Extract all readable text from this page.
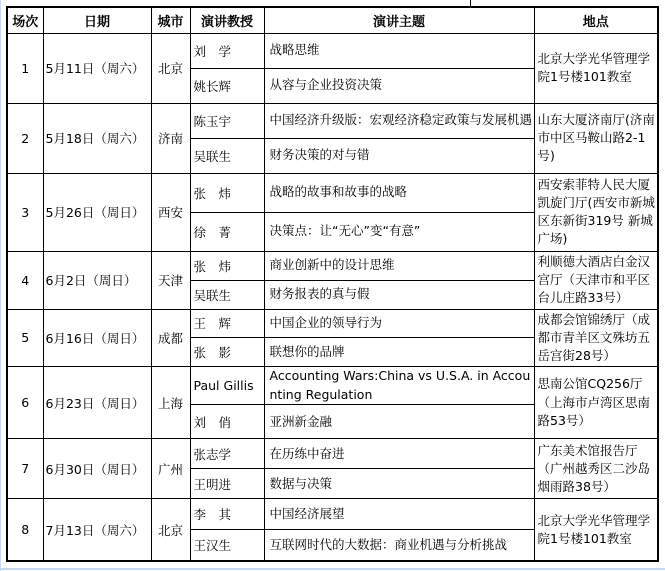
场次	日期	城市	演讲教授	演讲主题	地点
1	5月11日（周六）	北京	刘　学	战略思维	北京大学光华管理学院1号楼101教室
			姚长辉	从容与企业投资决策	
2	5月18日（周六）	济南	陈玉宇	中国经济升级版：宏观经济稳定政策与发展机遇	山东大厦济南厅(济南市中区马鞍山路2-1号)
			吴联生	财务决策的对与错	
3	5月26日（周日）	西安	张　炜	战略的故事和故事的战略	西安索菲特人民大厦凯旋门厅(西安市新城区东新街319号 新城广场)
			徐　菁	决策点：让“无心”变“有意”	
4	6月2日（周日）	天津	张　炜	商业创新中的设计思维	利顺德大酒店白金汉宫厅（天津市和平区台儿庄路33号）
			吴联生	财务报表的真与假	
5	6月16日（周日）	成都	王　辉	中国企业的领导行为	成都会馆锦绣厅（成都市青羊区文殊坊五岳宫街28号）
			张　影	联想你的品牌	
6	6月23日（周日）	上海	Paul Gillis	Accounting Wars:China vs U.S.A. in Accounting Regulation	思南公馆CQ256厅（上海市卢湾区思南路53号）
			刘　俏	亚洲新金融	
7	6月30日（周日）	广州	张志学	在历练中奋进	广东美术馆报告厅（广州越秀区二沙岛烟雨路38号）
			王明进	数据与决策	
8	7月13日（周六）	北京	李　其	中国经济展望	北京大学光华管理学院1号楼101教室
			王汉生	互联网时代的大数据：商业机遇与分析挑战	
